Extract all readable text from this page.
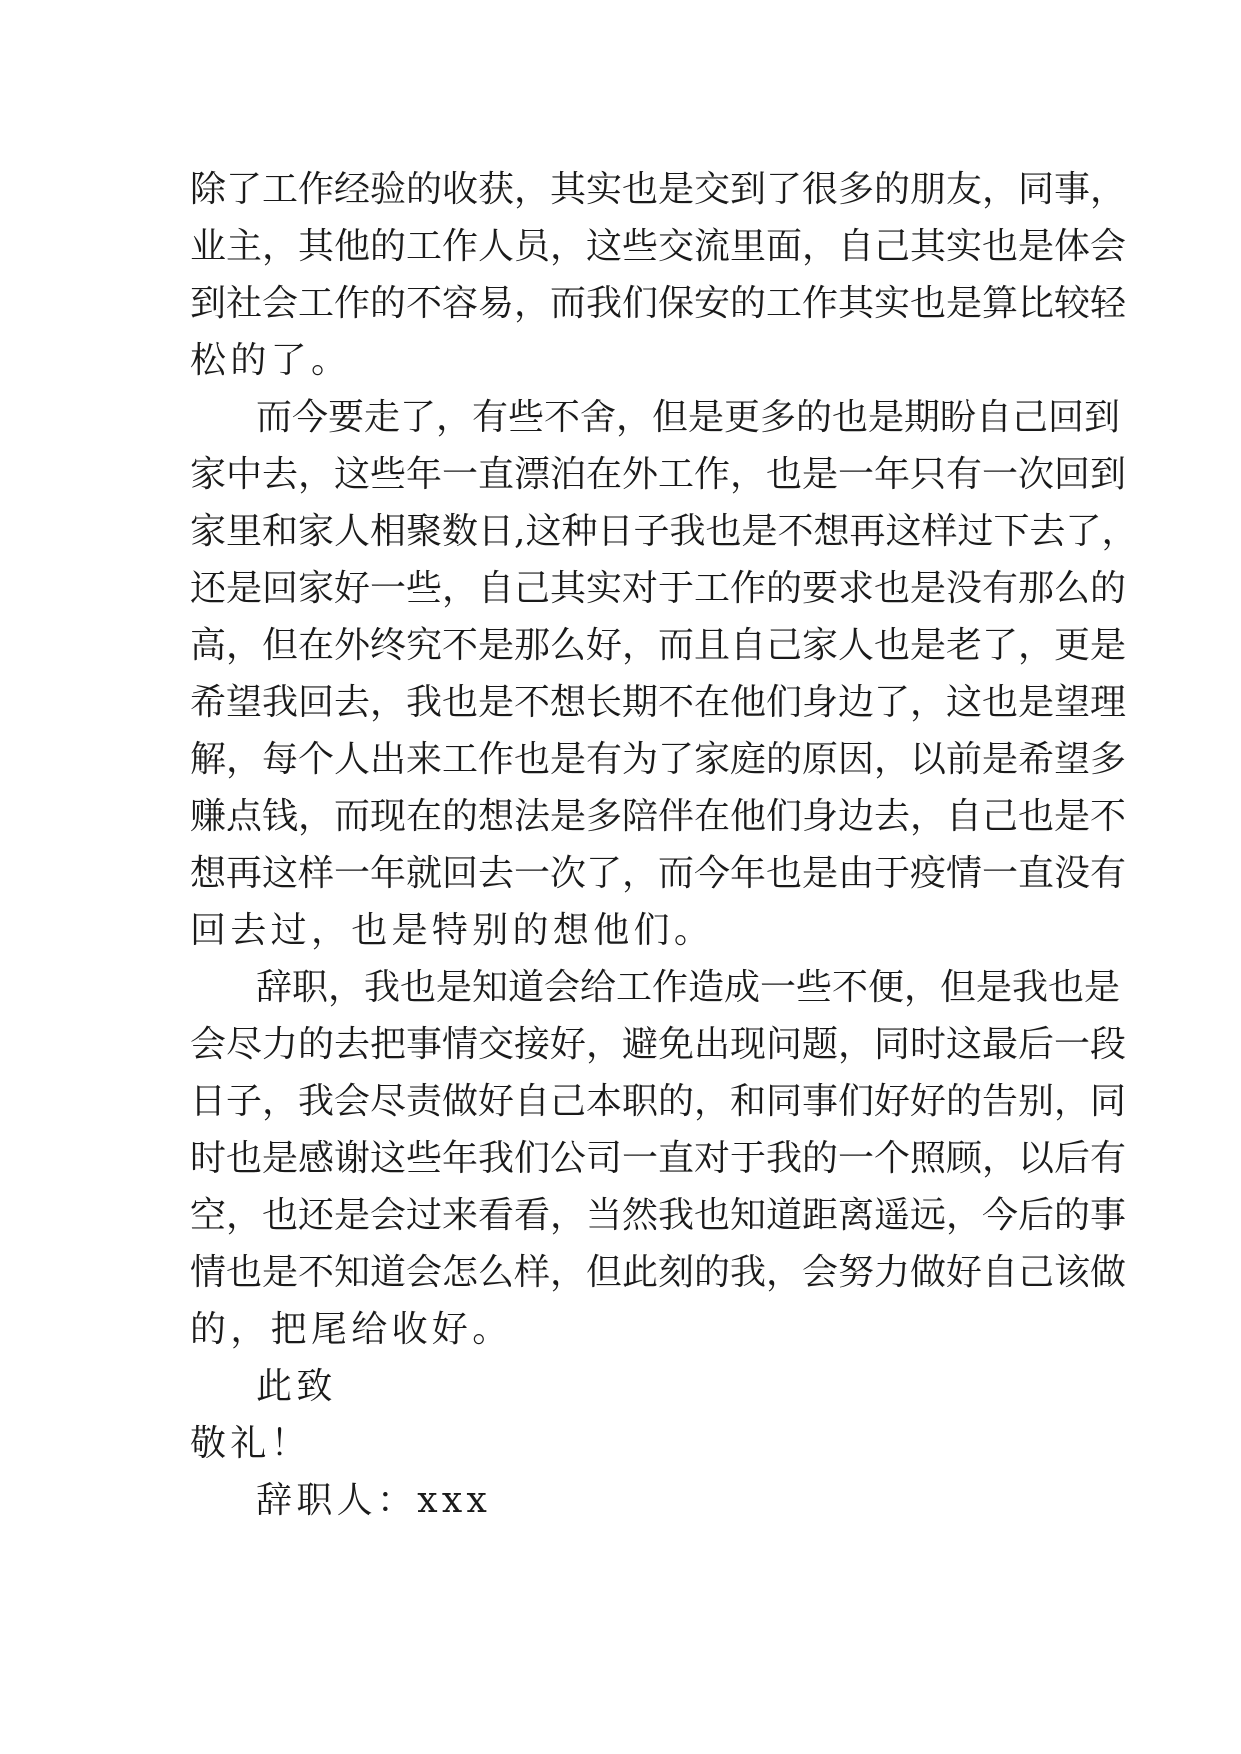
除了工作经验的收获，其实也是交到了很多的朋友，同事，
业主，其他的工作人员，这些交流里面，自己其实也是体会
到社会工作的不容易，而我们保安的工作其实也是算比较轻
松的了。
而今要走了，有些不舍，但是更多的也是期盼自己回到
家中去，这些年一直漂泊在外工作，也是一年只有一次回到
家里和家人相聚数日,这种日子我也是不想再这样过下去了，
还是回家好一些，自己其实对于工作的要求也是没有那么的
高，但在外终究不是那么好，而且自己家人也是老了，更是
希望我回去，我也是不想长期不在他们身边了，这也是望理
解，每个人出来工作也是有为了家庭的原因，以前是希望多
赚点钱，而现在的想法是多陪伴在他们身边去，自己也是不
想再这样一年就回去一次了，而今年也是由于疫情一直没有
回去过，也是特别的想他们。
辞职，我也是知道会给工作造成一些不便，但是我也是
会尽力的去把事情交接好，避免出现问题，同时这最后一段
日子，我会尽责做好自己本职的，和同事们好好的告别，同
时也是感谢这些年我们公司一直对于我的一个照顾，以后有
空，也还是会过来看看，当然我也知道距离遥远，今后的事
情也是不知道会怎么样，但此刻的我，会努力做好自己该做
的，把尾给收好。
此致
敬礼！
辞职人：xxx
